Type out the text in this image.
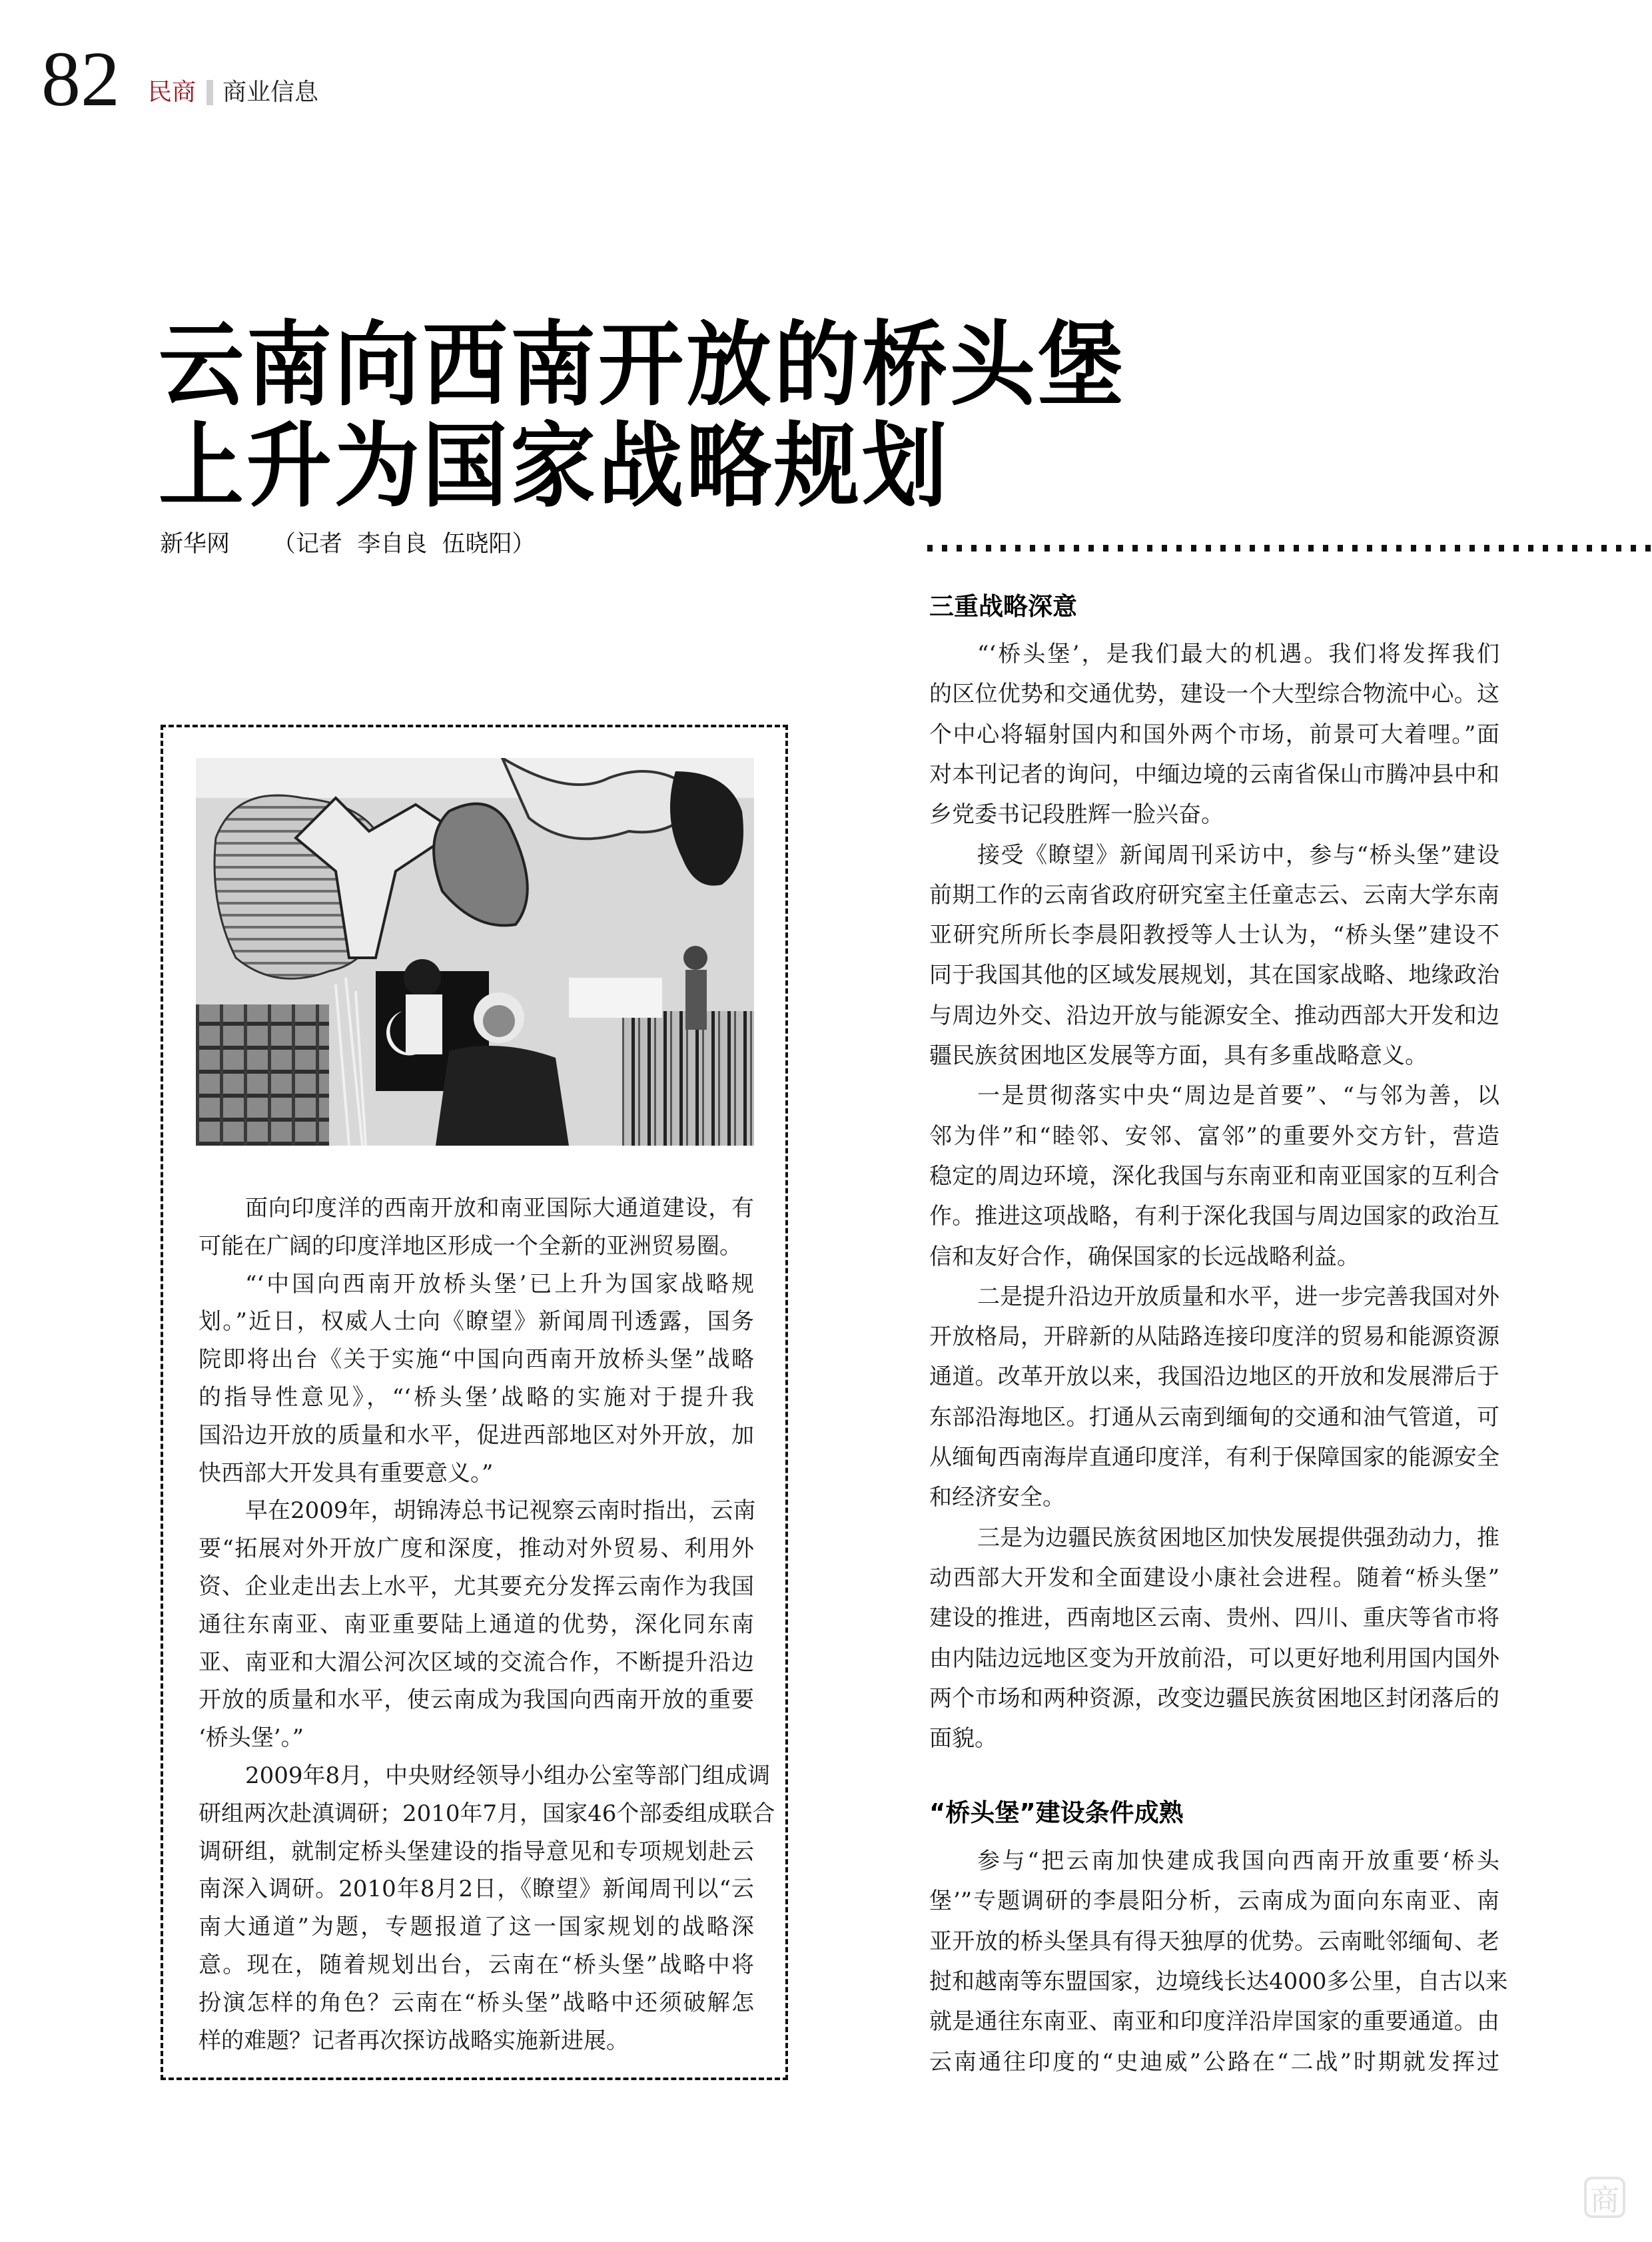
82 民商 商业信息
云南向西南开放的桥头堡
上升为国家战略规划
新华网 （记者  李自良  伍晓阳）
面向印度洋的西南开放和南亚国际大通道建设，有
可能在广阔的印度洋地区形成一个全新的亚洲贸易圈。
“‘中国向西南开放桥头堡’已上升为国家战略规
划。”近日，权威人士向《瞭望》新闻周刊透露，国务
院即将出台《关于实施“中国向西南开放桥头堡”战略
的指导性意见》，“‘桥头堡’战略的实施对于提升我
国沿边开放的质量和水平，促进西部地区对外开放，加
快西部大开发具有重要意义。”
早在2009年，胡锦涛总书记视察云南时指出，云南
要“拓展对外开放广度和深度，推动对外贸易、利用外
资、企业走出去上水平，尤其要充分发挥云南作为我国
通往东南亚、南亚重要陆上通道的优势，深化同东南
亚、南亚和大湄公河次区域的交流合作，不断提升沿边
开放的质量和水平，使云南成为我国向西南开放的重要
‘桥头堡’。”
2009年8月，中央财经领导小组办公室等部门组成调
研组两次赴滇调研；2010年7月，国家46个部委组成联合
调研组，就制定桥头堡建设的指导意见和专项规划赴云
南深入调研。2010年8月2日，《瞭望》新闻周刊以“云
南大通道”为题，专题报道了这一国家规划的战略深
意。现在，随着规划出台，云南在“桥头堡”战略中将
扮演怎样的角色？云南在“桥头堡”战略中还须破解怎
样的难题？记者再次探访战略实施新进展。
三重战略深意
“‘桥头堡’，是我们最大的机遇。我们将发挥我们
的区位优势和交通优势，建设一个大型综合物流中心。这
个中心将辐射国内和国外两个市场，前景可大着哩。”面
对本刊记者的询问，中缅边境的云南省保山市腾冲县中和
乡党委书记段胜辉一脸兴奋。
接受《瞭望》新闻周刊采访中，参与“桥头堡”建设
前期工作的云南省政府研究室主任童志云、云南大学东南
亚研究所所长李晨阳教授等人士认为，“桥头堡”建设不
同于我国其他的区域发展规划，其在国家战略、地缘政治
与周边外交、沿边开放与能源安全、推动西部大开发和边
疆民族贫困地区发展等方面，具有多重战略意义。
一是贯彻落实中央“周边是首要”、“与邻为善，以
邻为伴”和“睦邻、安邻、富邻”的重要外交方针，营造
稳定的周边环境，深化我国与东南亚和南亚国家的互利合
作。推进这项战略，有利于深化我国与周边国家的政治互
信和友好合作，确保国家的长远战略利益。
二是提升沿边开放质量和水平，进一步完善我国对外
开放格局，开辟新的从陆路连接印度洋的贸易和能源资源
通道。改革开放以来，我国沿边地区的开放和发展滞后于
东部沿海地区。打通从云南到缅甸的交通和油气管道，可
从缅甸西南海岸直通印度洋，有利于保障国家的能源安全
和经济安全。
三是为边疆民族贫困地区加快发展提供强劲动力，推
动西部大开发和全面建设小康社会进程。随着“桥头堡”
建设的推进，西南地区云南、贵州、四川、重庆等省市将
由内陆边远地区变为开放前沿，可以更好地利用国内国外
两个市场和两种资源，改变边疆民族贫困地区封闭落后的
面貌。
“桥头堡”建设条件成熟
参与“把云南加快建成我国向西南开放重要‘桥头
堡’”专题调研的李晨阳分析，云南成为面向东南亚、南
亚开放的桥头堡具有得天独厚的优势。云南毗邻缅甸、老
挝和越南等东盟国家，边境线长达4000多公里，自古以来
就是通往东南亚、南亚和印度洋沿岸国家的重要通道。由
云南通往印度的“史迪威”公路在“二战”时期就发挥过
商
